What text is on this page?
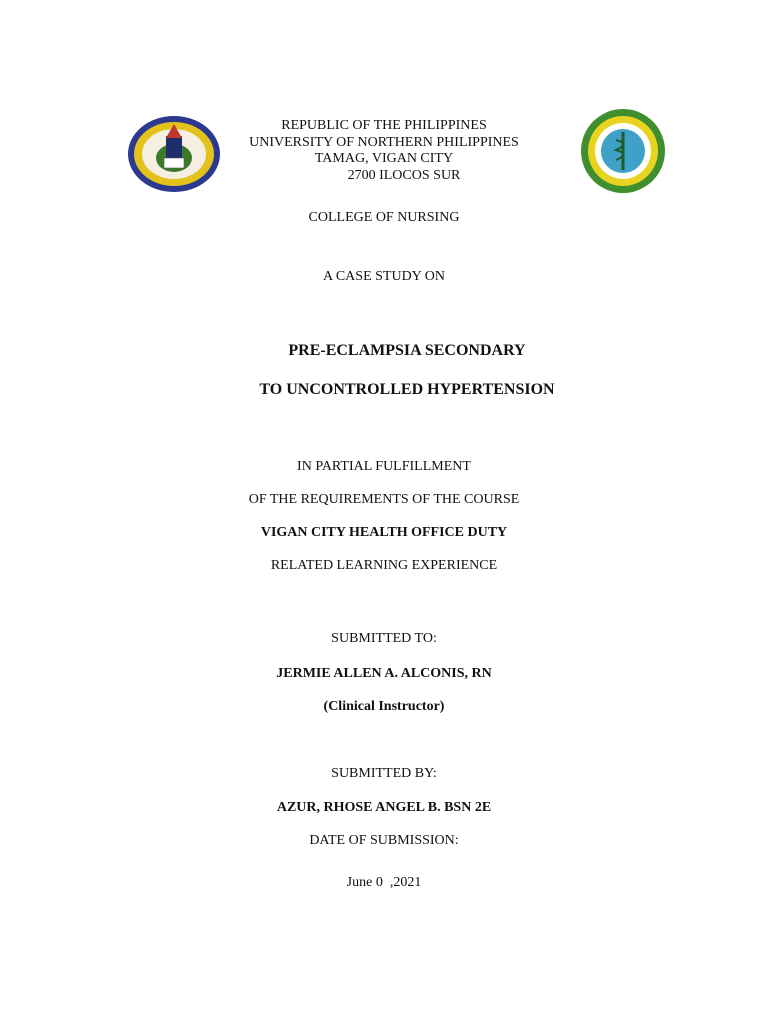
REPUBLIC OF THE PHILIPPINES
UNIVERSITY OF NORTHERN PHILIPPINES
TAMAG, VIGAN CITY
2700 ILOCOS SUR
COLLEGE OF NURSING
A CASE STUDY ON
PRE-ECLAMPSIA SECONDARY
TO UNCONTROLLED HYPERTENSION
IN PARTIAL FULFILLMENT
OF THE REQUIREMENTS OF THE COURSE
VIGAN CITY HEALTH OFFICE DUTY
RELATED LEARNING EXPERIENCE
SUBMITTED TO:
JERMIE ALLEN A. ALCONIS, RN
(Clinical Instructor)
SUBMITTED BY:
AZUR, RHOSE ANGEL B. BSN 2E
DATE OF SUBMISSION:
June 0  ,2021
